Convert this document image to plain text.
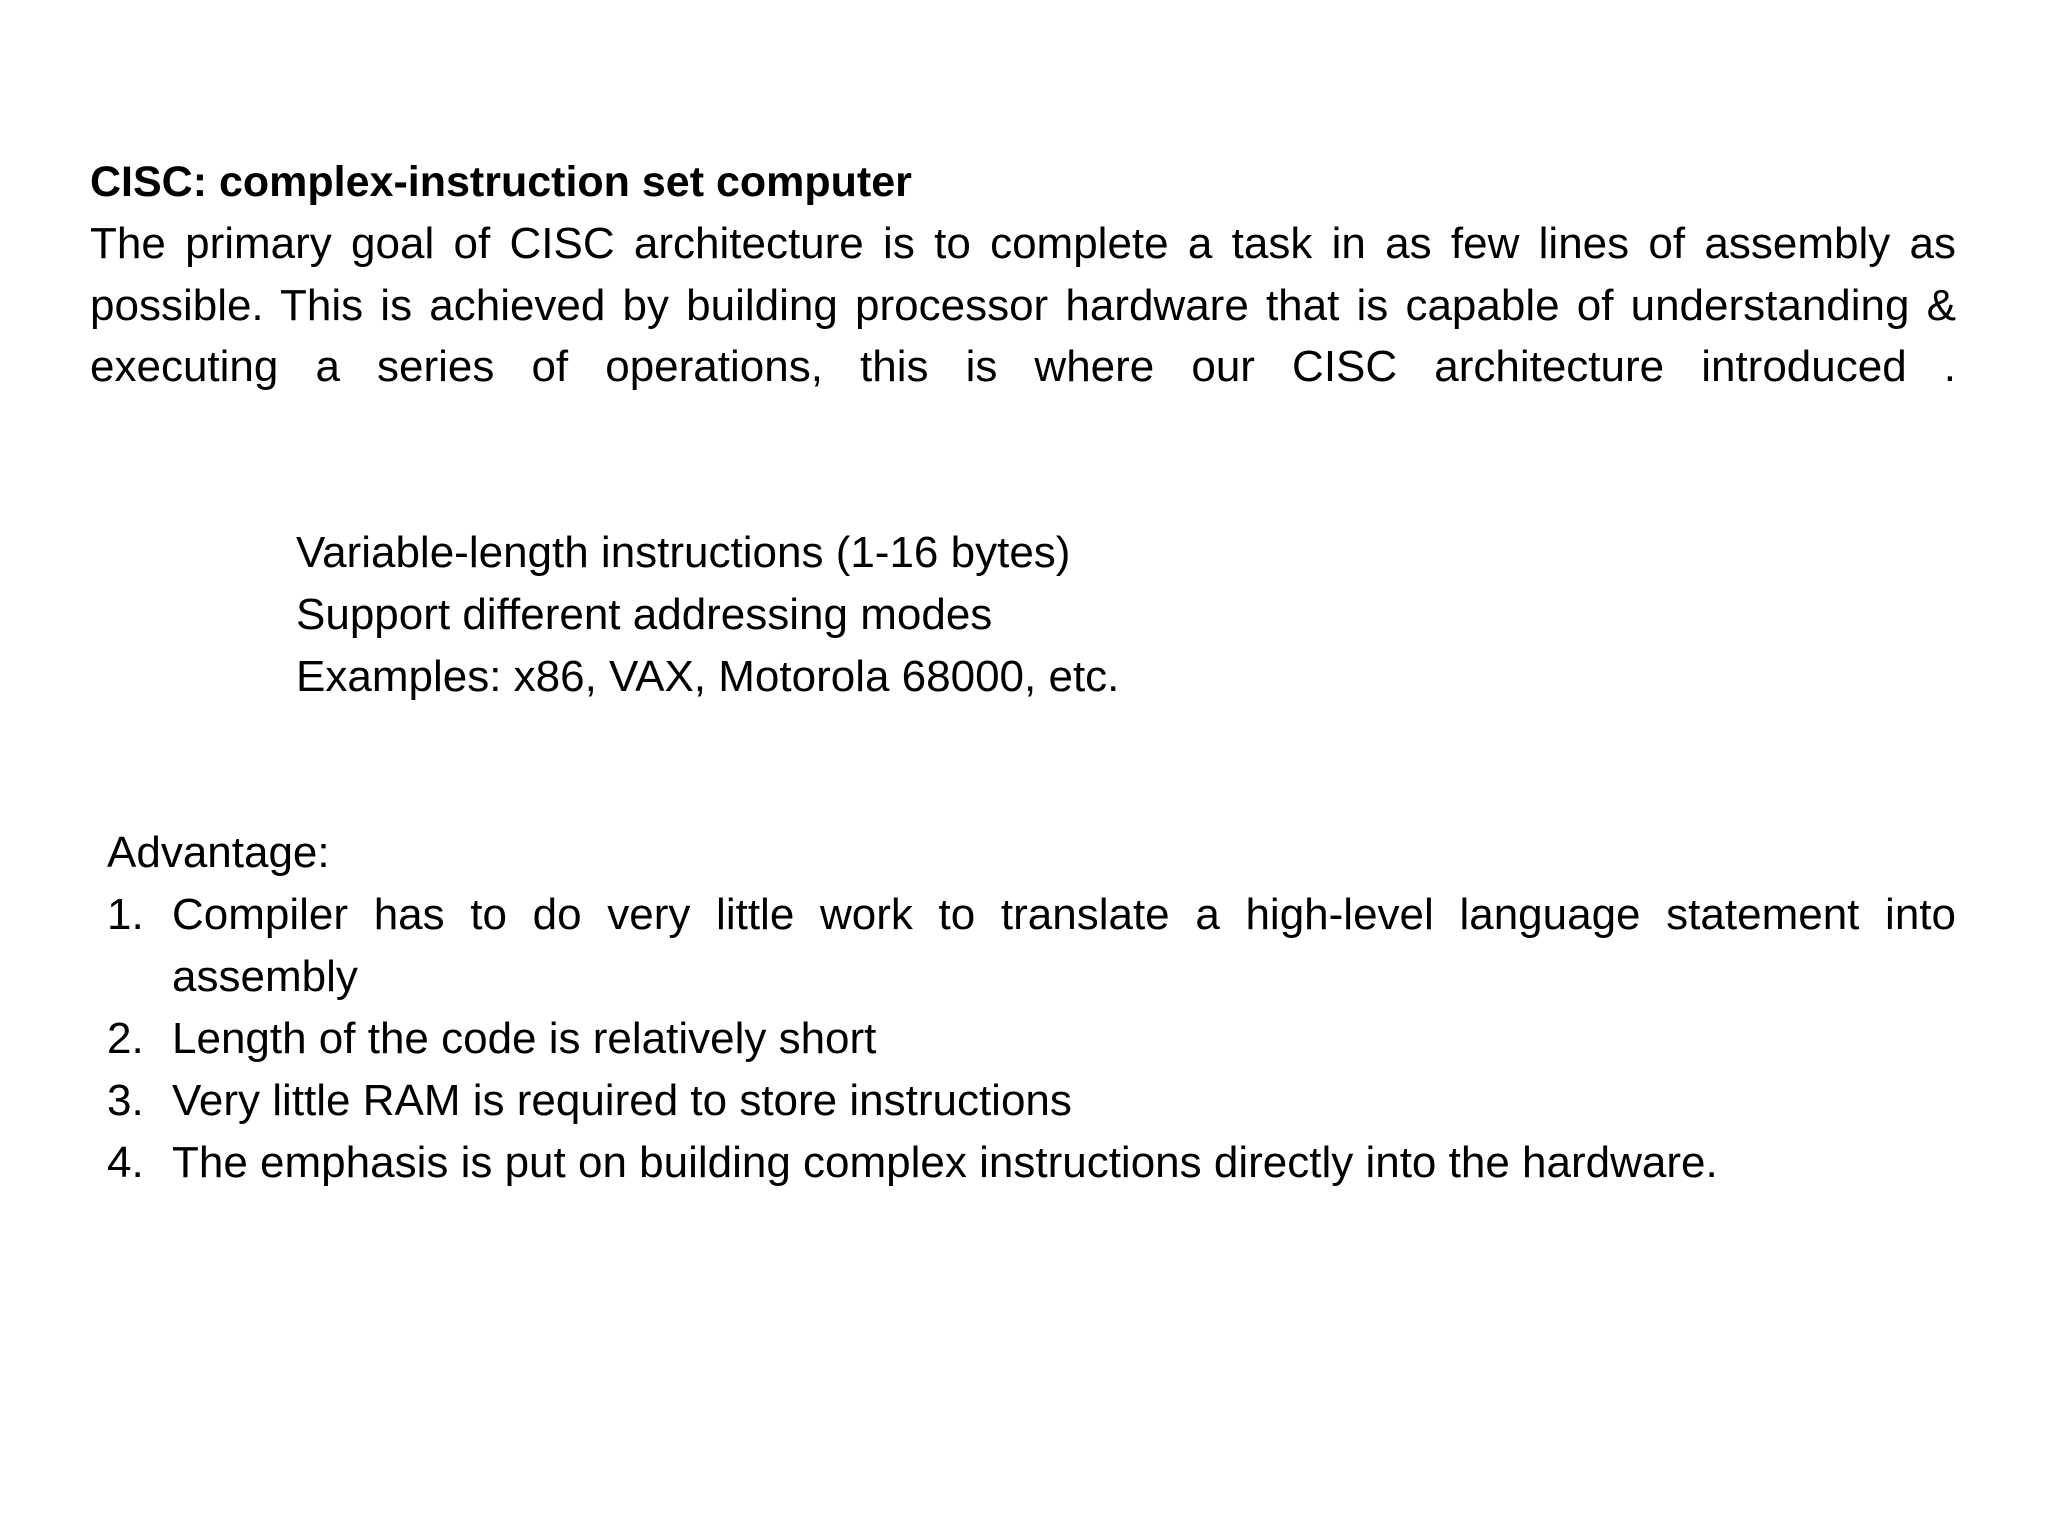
CISC: complex-instruction set computer
The primary goal of CISC architecture is to complete a task in as few lines of assembly as possible. This is achieved by building processor hardware that is capable of understanding & executing a series of operations, this is where our CISC architecture introduced .
Variable-length instructions (1-16 bytes)
Support different addressing modes
Examples: x86, VAX, Motorola 68000, etc.
Advantage:
1. Compiler has to do very little work to translate a high-level language statement into assembly
2. Length of the code is relatively short
3. Very little RAM is required to store instructions
4. The emphasis is put on building complex instructions directly into the hardware.
